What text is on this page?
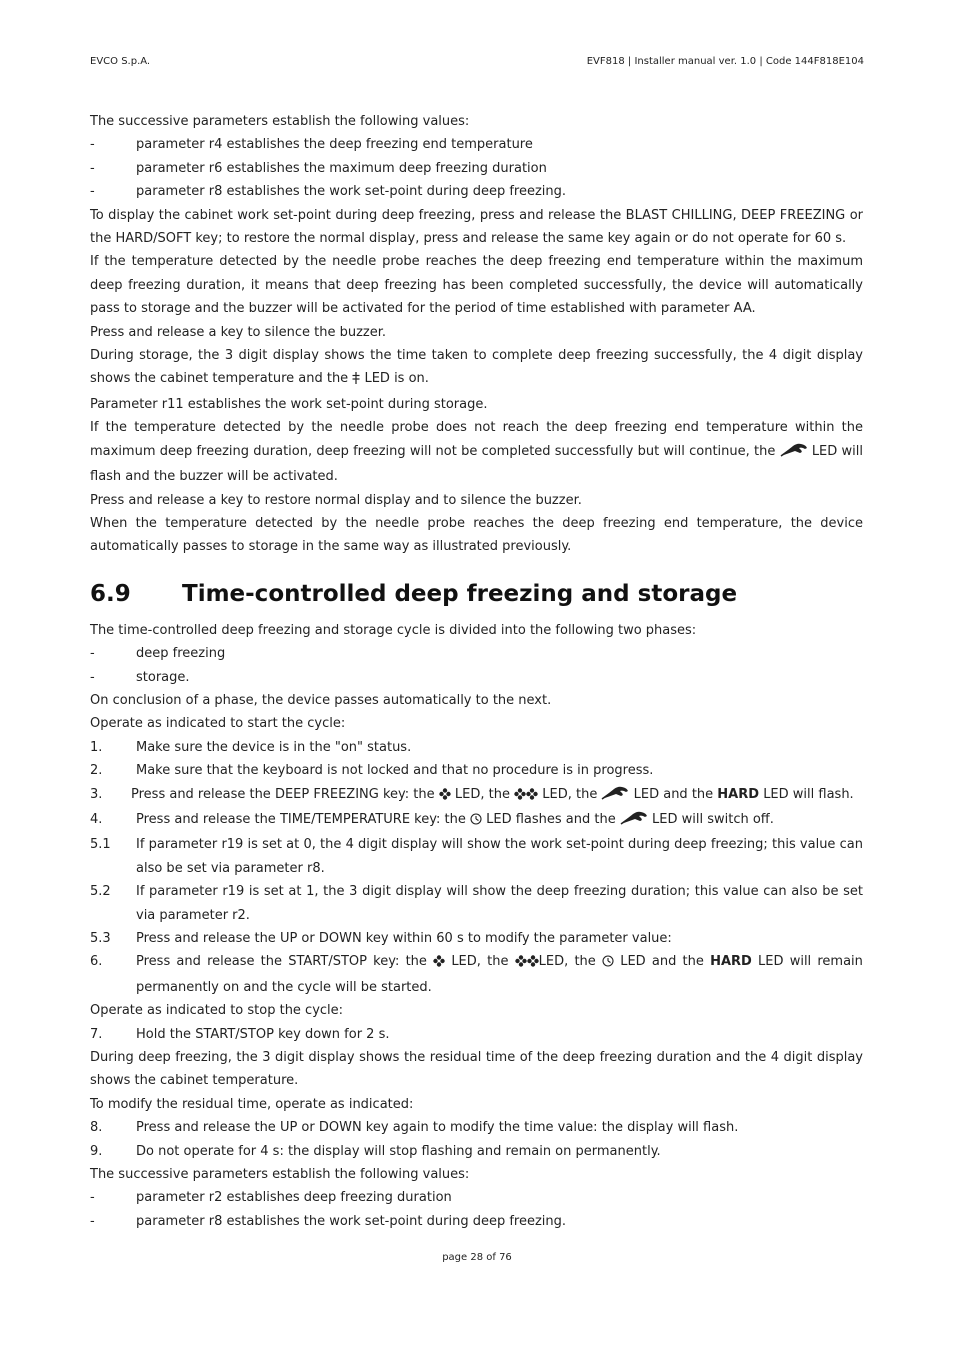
EVCO S.p.A.	EVF818 | Installer manual ver. 1.0 | Code 144F818E104

The successive parameters establish the following values:

-	parameter r4 establishes the deep freezing end temperature
-	parameter r6 establishes the maximum deep freezing duration
-	parameter r8 establishes the work set-point during deep freezing.

To display the cabinet work set-point during deep freezing, press and release the BLAST CHILLING, DEEP FREEZING or the HARD/SOFT key; to restore the normal display, press and release the same key again or do not operate for 60 s.

If the temperature detected by the needle probe reaches the deep freezing end temperature within the maximum deep freezing duration, it means that deep freezing has been completed successfully, the device will automatically pass to storage and the buzzer will be activated for the period of time established with parameter AA.

Press and release a key to silence the buzzer.

During storage, the 3 digit display shows the time taken to complete deep freezing successfully, the 4 digit display shows the cabinet temperature and the LED is on.

Parameter r11 establishes the work set-point during storage.

If the temperature detected by the needle probe does not reach the deep freezing end temperature within the maximum deep freezing duration, deep freezing will not be completed successfully but will continue, the	LED will flash and the buzzer will be activated.

Press and release a key to restore normal display and to silence the buzzer.

When the temperature detected by the needle probe reaches the deep freezing end temperature, the device automatically passes to storage in the same way as illustrated previously.

6.9 Time-controlled deep freezing and storage

The time-controlled deep freezing and storage cycle is divided into the following two phases:

-	deep freezing
-	storage.

On conclusion of a phase, the device passes automatically to the next.

Operate as indicated to start the cycle:

1.	Make sure the device is in the "on" status.
2.	Make sure that the keyboard is not locked and that no procedure is in progress.
3. Press and release the DEEP FREEZING key: the LED, the LED, the	LED and the HARD LED will flash.
4.	Press and release the TIME/TEMPERATURE key: the LED flashes and the	LED will switch off.
5.1 If parameter r19 is set at 0, the 4 digit display will show the work set-point during deep freezing; this value can also be set via parameter r8.
5.2 If parameter r19 is set at 1, the 3 digit display will show the deep freezing duration; this value can also be set via parameter r2.
5.3 Press and release the UP or DOWN key within 60 s to modify the parameter value:
6.	Press and release the START/STOP key: the LED, the LED, the LED and the HARD LED will remain permanently on and the cycle will be started.

Operate as indicated to stop the cycle:

7.	Hold the START/STOP key down for 2 s.

During deep freezing, the 3 digit display shows the residual time of the deep freezing duration and the 4 digit display shows the cabinet temperature.

To modify the residual time, operate as indicated:

8.	Press and release the UP or DOWN key again to modify the time value: the display will flash.
9.	Do not operate for 4 s: the display will stop flashing and remain on permanently.

The successive parameters establish the following values:

-	parameter r2 establishes deep freezing duration
-	parameter r8 establishes the work set-point during deep freezing.
page 28 of 76
